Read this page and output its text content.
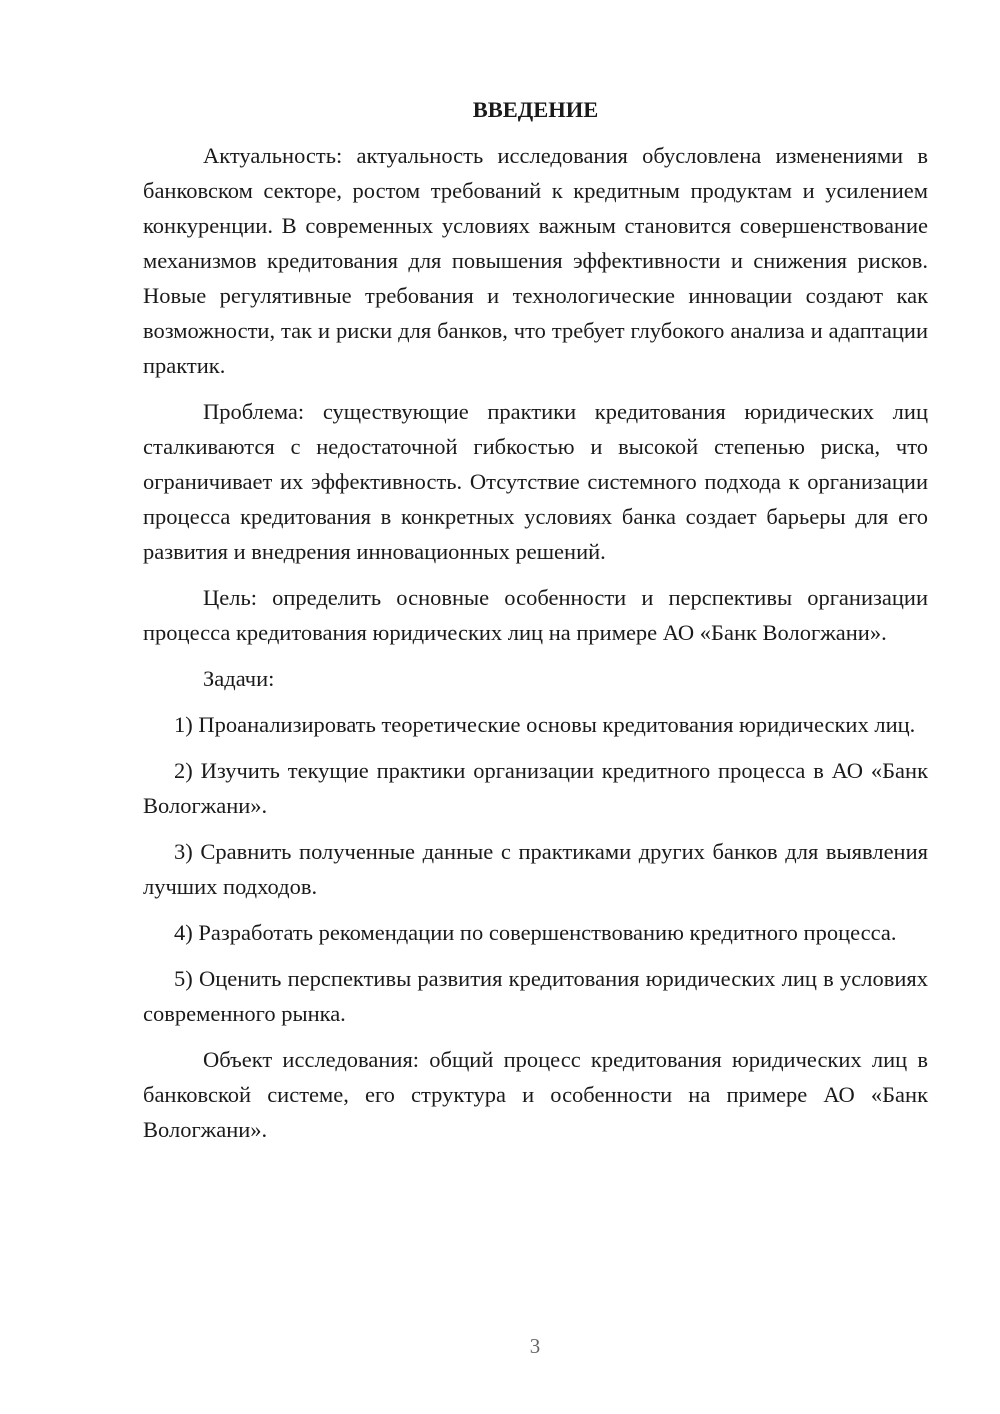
ВВЕДЕНИЕ

Актуальность: актуальность исследования обусловлена изменениями в банковском секторе, ростом требований к кредитным продуктам и усилением конкуренции. В современных условиях важным становится совершенствование механизмов кредитования для повышения эффективности и снижения рисков. Новые регулятивные требования и технологические инновации создают как возможности, так и риски для банков, что требует глубокого анализа и адаптации практик.

Проблема: существующие практики кредитования юридических лиц сталкиваются с недостаточной гибкостью и высокой степенью риска, что ограничивает их эффективность. Отсутствие системного подхода к организации процесса кредитования в конкретных условиях банка создает барьеры для его развития и внедрения инновационных решений.

Цель: определить основные особенности и перспективы организации процесса кредитования юридических лиц на примере АО «Банк Вологжани».

Задачи:

1) Проанализировать теоретические основы кредитования юридических лиц.

2) Изучить текущие практики организации кредитного процесса в АО «Банк Вологжани».

3) Сравнить полученные данные с практиками других банков для выявления лучших подходов.

4) Разработать рекомендации по совершенствованию кредитного процесса.

5) Оценить перспективы развития кредитования юридических лиц в условиях современного рынка.

Объект исследования: общий процесс кредитования юридических лиц в банковской системе, его структура и особенности на примере АО «Банк Вологжани».

3
